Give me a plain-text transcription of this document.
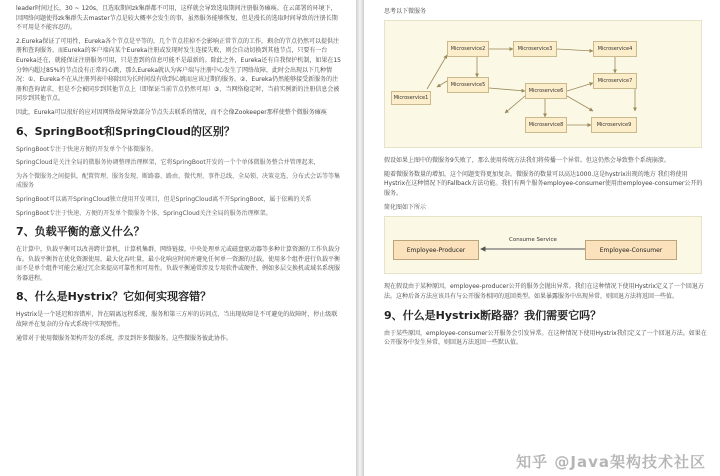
leader时间过长，30 ~ 120s，且选取期间zk集群都不可用，这样就会导致选取期间注册服务瘫痪。在云部署的环境下，因网络问题使得zk集群失去master节点是较大概率会发生的事，虽然服务能够恢复，但是漫长的选取时间导致的注册长期不可用是不能容忍的。

2.Eureka保证了可用性，Eureka各个节点是平等的，几个节点挂掉不会影响正常节点的工作，剩余的节点仍然可以提供注册和查询服务。而Eureka的客户端向某个Eureka注册或发现时发生连接失败，则会自动切换到其他节点，只要有一台Eureka还在，就能保证注册服务可用，只是查到的信息可能不是最新的。除此之外，Eureka还有自我保护机制，如果在15分钟内超过85%的节点没有正常的心跳，那么Eureka就认为客户端与注册中心发生了网络故障，此时会出现以下几种情况：①、Eureka不在从注册列表中移除因为长时间没有收到心跳而应该过期的服务。②、Eureka仍然能够接受新服务的注册和查询请求，但是不会被同步到其他节点上（即保证当前节点仍然可用）③、当网络稳定时，当前实例新的注册信息会被同步到其他节点。

因此，Eureka可以很好的应对因网络故障导致部分节点失去联系的情况，而不会像Zookeeper那样使整个微服务瘫痪

6、SpringBoot和SpringCloud的区别？

SpringBoot专注于快速方便的开发单个个体微服务。

SpringCloud是关注全局的微服务协调整理治理框架，它将SpringBoot开发的一个个单体微服务整合并管理起来，

为各个微服务之间提供，配置管理、服务发现、断路器、路由、微代理、事件总线、全局锁、决策竞选、分布式会话等等集成服务

SpringBoot可以离开SpringCloud独立使用开发项目，但是SpringCloud离不开SpringBoot，属于依赖的关系

SpringBoot专注于快速、方便的开发单个微服务个体，SpringCloud关注全局的服务治理框架。

7、负载平衡的意义什么？

在计算中，负载平衡可以改善跨计算机，计算机集群，网络链接，中央处理单元或磁盘驱动器等多种计算资源的工作负载分布。负载平衡旨在优化资源使用，最大化吞吐量，最小化响应时间并避免任何单一资源的过载。使用多个组件进行负载平衡而不是单个组件可能会通过冗余来提高可靠性和可用性。负载平衡通常涉及专用软件或硬件，例如多层交换机或域名系统服务器进程。

8、什么是Hystrix？它如何实现容错？

Hystrix是一个延迟和容错库，旨在隔离远程系统，服务和第三方库的访问点，当出现故障是不可避免的故障时，停止级联故障并在复杂的分布式系统中实现弹性。

通常对于使用微服务架构开发的系统，涉及到许多微服务。这些微服务彼此协作。

思考以下微服务
Microservice1
Microservice2	Microservice3	Microservice4
Microservice5
Microservice6
Microservice7
Microservice8	Microservice9

假设如果上图中的微服务9失败了，那么使用传统方法我们将传播一个异常。但这仍然会导致整个系统崩溃。

随着微服务数量的增加，这个问题变得更加复杂。微服务的数量可以高达1000.这是hystrix出现的地方 我们将使用Hystrix在这种情况下的Fallback方法功能。我们有两个服务employee-consumer使用由employee-consumer公开的服务。

简化图如下所示
Employee-Producer	Employee-Consumer
Consume Service

现在假设由于某种原因，employee-producer公开的服务会抛出异常。我们在这种情况下使用Hystrix定义了一个回退方法。这种后备方法应该具有与公开服务相同的返回类型。如果暴露服务中出现异常，则回退方法将返回一些值。

9、什么是Hystrix断路器？我们需要它吗？

由于某些原因，employee-consumer公开服务会引发异常。在这种情况下使用Hystrix我们定义了一个回退方法。如果在公开服务中发生异常，则回退方法返回一些默认值。

知乎 @Java架构技术社区
